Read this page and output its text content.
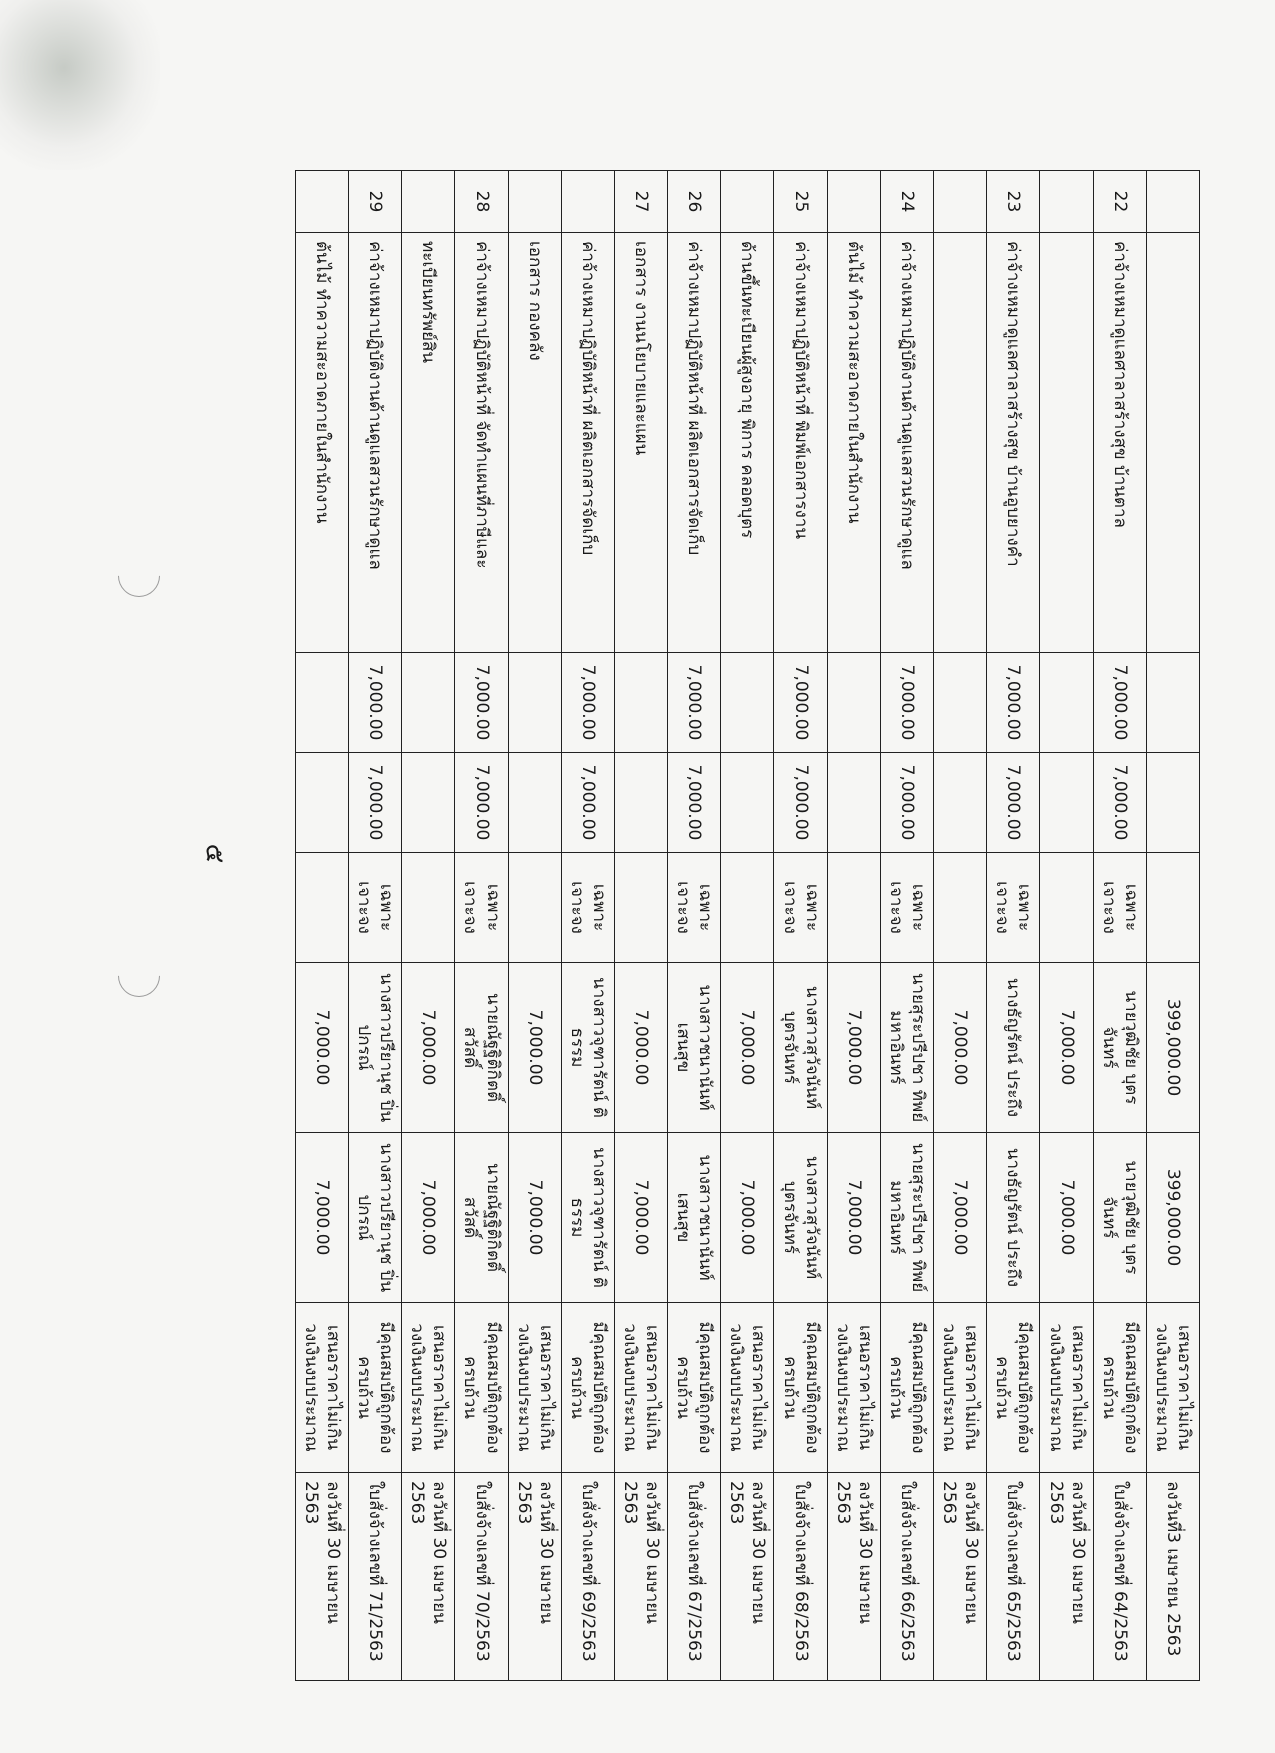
๕
					399,000.00	399,000.00	เสนอราคาไม่เกินวงเงินงบประมาณ	ลงวันที่3 เมษายน 2563
22	ค่าจ้างเหมาดูแลศาลาสร้างสุข บ้านตาล	7,000.00	7,000.00	เฉพาะเจาะจง	นายวุฒิชัย บุตรจันทร์	นายวุฒิชัย บุตรจันทร์	มีคุณสมบัติถูกต้องครบถ้วน	ใบสั่งจ้างเลขที่ 64/2563
					7,000.00	7,000.00	เสนอราคาไม่เกินวงเงินงบประมาณ	ลงวันที่ 30 เมษายน 2563
23	ค่าจ้างเหมาดูแลศาลาสร้างสุข บ้านอูบยางคำ	7,000.00	7,000.00	เฉพาะเจาะจง	นางธัญรัตน์ ประถึง	นางธัญรัตน์ ประถึง	มีคุณสมบัติถูกต้องครบถ้วน	ใบสั่งจ้างเลขที่ 65/2563
					7,000.00	7,000.00	เสนอราคาไม่เกินวงเงินงบประมาณ	ลงวันที่ 30 เมษายน 2563
24	ค่าจ้างเหมาปฏิบัติงานด้านดูแลสวนรักษาดูแล	7,000.00	7,000.00	เฉพาะเจาะจง	นายสุระปรีปชา ทิพย์มหาอินทร์	นายสุระปรีปชา ทิพย์มหาอินทร์	มีคุณสมบัติถูกต้องครบถ้วน	ใบสั่งจ้างเลขที่ 66/2563
	ต้นไม้ ทำความสะอาดภายในสำนักงาน				7,000.00	7,000.00	เสนอราคาไม่เกินวงเงินงบประมาณ	ลงวันที่ 30 เมษายน 2563
25	ค่าจ้างเหมาปฏิบัติหน้าที่ พิมพ์เอกสารงาน	7,000.00	7,000.00	เฉพาะเจาะจง	นางสาวสุวัจนันท์ บุตรจันทร์	นางสาวสุวัจนันท์ บุตรจันทร์	มีคุณสมบัติถูกต้องครบถ้วน	ใบสั่งจ้างเลขที่ 68/2563
	ด้านขึ้นทะเบียนผู้สูงอายุ พิการ คลอดบุตร				7,000.00	7,000.00	เสนอราคาไม่เกินวงเงินงบประมาณ	ลงวันที่ 30 เมษายน 2563
26	ค่าจ้างเหมาปฏิบัติหน้าที่ ผลิตเอกสารจัดเก็บ	7,000.00	7,000.00	เฉพาะเจาะจง	นางสาวชนานันท์ เสนสุข	นางสาวชนานันท์ เสนสุข	มีคุณสมบัติถูกต้องครบถ้วน	ใบสั่งจ้างเลขที่ 67/2563
27	เอกสาร งานนโยบายและแผน				7,000.00	7,000.00	เสนอราคาไม่เกินวงเงินงบประมาณ	ลงวันที่ 30 เมษายน 2563
	ค่าจ้างเหมาปฏิบัติหน้าที่ ผลิตเอกสารจัดเก็บ	7,000.00	7,000.00	เฉพาะเจาะจง	นางสาวจุฑารัตน์ ติธรรม	นางสาวจุฑารัตน์ ติธรรม	มีคุณสมบัติถูกต้องครบถ้วน	ใบสั่งจ้างเลขที่ 69/2563
	เอกสาร กองคลัง				7,000.00	7,000.00	เสนอราคาไม่เกินวงเงินงบประมาณ	ลงวันที่ 30 เมษายน 2563
28	ค่าจ้างเหมาปฏิบัติหน้าที่ จัดทำแผนที่ภาษีและ	7,000.00	7,000.00	เฉพาะเจาะจง	นายณัฐฐิติกิตติ์ สวัสดิ์	นายณัฐฐิติกิตติ์ สวัสดิ์	มีคุณสมบัติถูกต้องครบถ้วน	ใบสั่งจ้างเลขที่ 70/2563
	ทะเบียนทรัพย์สิน				7,000.00	7,000.00	เสนอราคาไม่เกินวงเงินงบประมาณ	ลงวันที่ 30 เมษายน 2563
29	ค่าจ้างเหมาปฏิบัติงานด้านดูแลสวนรักษาดูแล	7,000.00	7,000.00	เฉพาะเจาะจง	นางสาวปรียานุช ปิ่นปกรณ์	นางสาวปรียานุช ปิ่นปกรณ์	มีคุณสมบัติถูกต้องครบถ้วน	ใบสั่งจ้างเลขที่ 71/2563
	ต้นไม้ ทำความสะอาดภายในสำนักงาน				7,000.00	7,000.00	เสนอราคาไม่เกินวงเงินงบประมาณ	ลงวันที่ 30 เมษายน 2563
